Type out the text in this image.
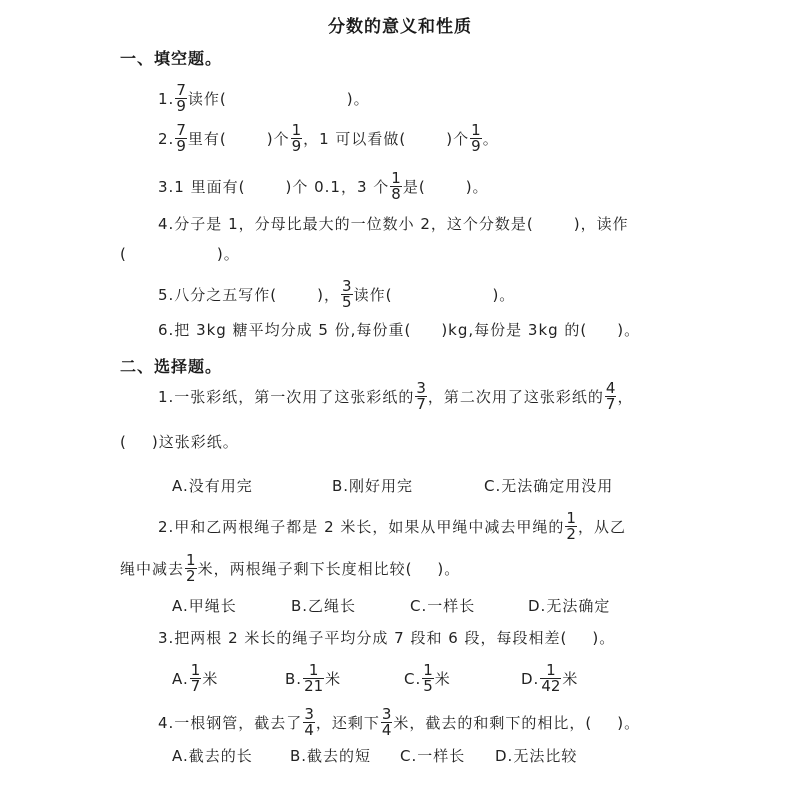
分数的意义和性质
一、填空题。
二、选择题。
1. $\frac{7}{9}$ 读作(	)。
2. $\frac{7}{9}$ 里有(	)个 $\frac{1}{9}$ ，1 可以看做(	)个 $\frac{1}{9}$ 。
3.1 里面有(	)个 0.1，3 个 $\frac{1}{8}$ 是(	)。
4.分子是 1，分母比最大的一位数小 2，这个分数是(	)，读作
(	)。
5.八分之五写作(	)， $\frac{3}{5}$ 读作(	)。
6.把 3kg 糖平均分成 5 份,每份重( )kg,每份是 3kg 的( )。
1.一张彩纸，第一次用了这张彩纸的 $\frac{3}{7}$ ，第二次用了这张彩纸的 $\frac{4}{7}$ ，
( )这张彩纸。
A.没有用完	B.刚好用完	C.无法确定用没用
2.甲和乙两根绳子都是 2 米长，如果从甲绳中减去甲绳的 $\frac{1}{2}$ ，从乙
绳中减去 $\frac{1}{2}$ 米，两根绳子剩下长度相比较( )。
A.甲绳长	B.乙绳长	C.一样长	D.无法确定
3.把两根 2 米长的绳子平均分成 7 段和 6 段，每段相差( )。
A. $\frac{1}{7}$ 米	B. $\frac{1}{21}$ 米	C. $\frac{1}{5}$ 米	D. $\frac{1}{42}$ 米
4.一根钢管，截去了 $\frac{3}{4}$ ，还剩下 $\frac{3}{4}$ 米，截去的和剩下的相比，( )。
A.截去的长 B.截去的短 C.一样长 D.无法比较
